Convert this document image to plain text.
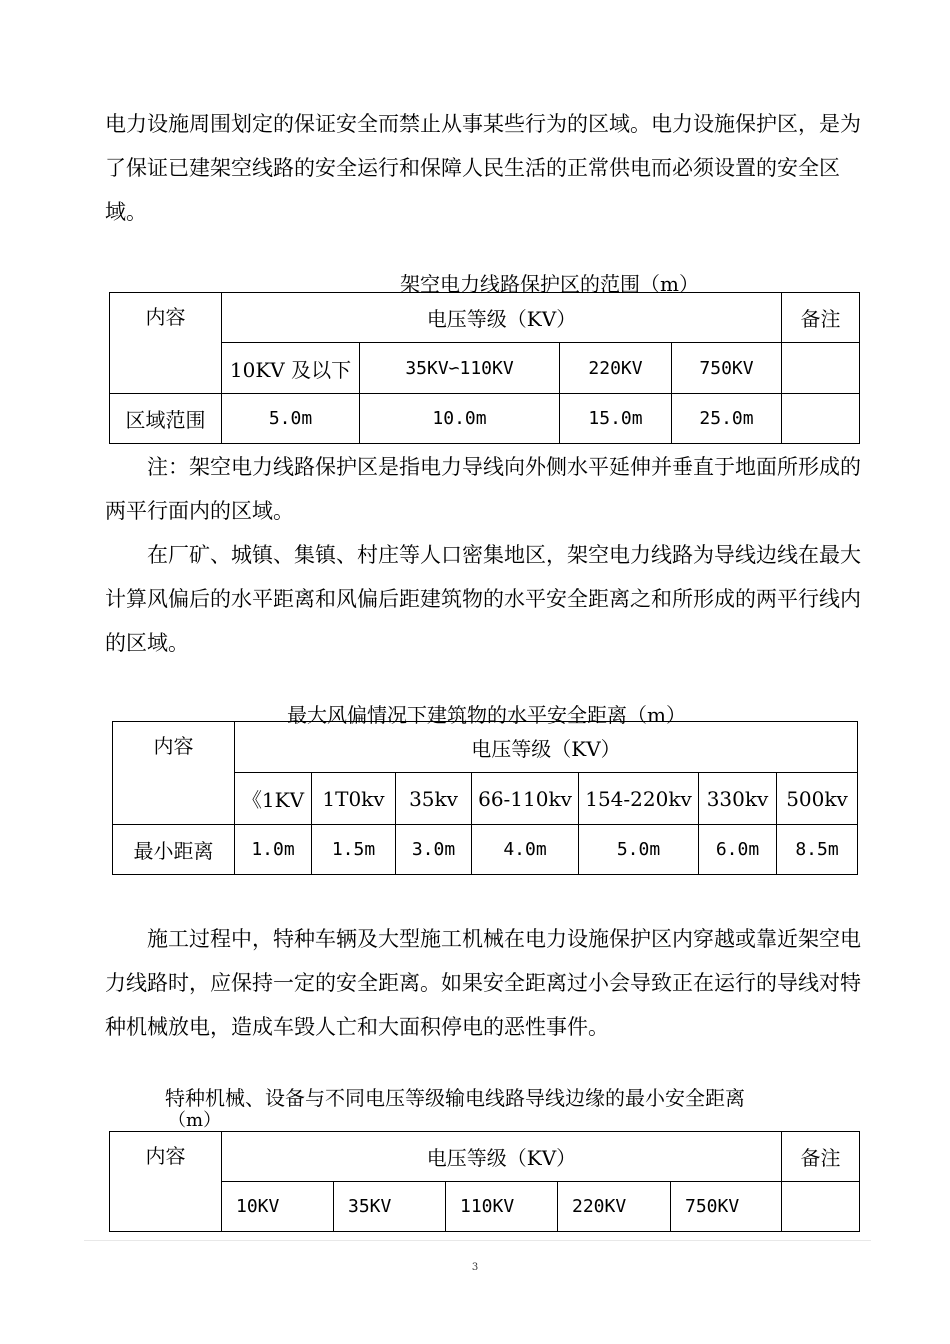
电力设施周围划定的保证安全而禁止从事某些行为的区域。电力设施保护区，是为了保证已建架空线路的安全运行和保障人民生活的正常供电而必须设置的安全区域。

架空电力线路保护区的范围（m）
内容	电压等级（KV）				备注
	10KV 及以下	35KV∽110KV	220KV	750KV	
区域范围	5.0m	10.0m	15.0m	25.0m	

注：架空电力线路保护区是指电力导线向外侧水平延伸并垂直于地面所形成的两平行面内的区域。

在厂矿、城镇、集镇、村庄等人口密集地区，架空电力线路为导线边线在最大计算风偏后的水平距离和风偏后距建筑物的水平安全距离之和所形成的两平行线内的区域。

最大风偏情况下建筑物的水平安全距离（m）
内容	电压等级（KV）						
	《1KV	1T0kv	35kv	66-110kv	154-220kv	330kv	500kv
最小距离	1.0m	1.5m	3.0m	4.0m	5.0m	6.0m	8.5m

施工过程中，特种车辆及大型施工机械在电力设施保护区内穿越或靠近架空电力线路时，应保持一定的安全距离。如果安全距离过小会导致正在运行的导线对特种机械放电，造成车毁人亡和大面积停电的恶性事件。

特种机械、设备与不同电压等级输电线路导线边缘的最小安全距离
（m）
内容	电压等级（KV）					备注
	10KV	35KV	110KV	220KV	750KV	
3
